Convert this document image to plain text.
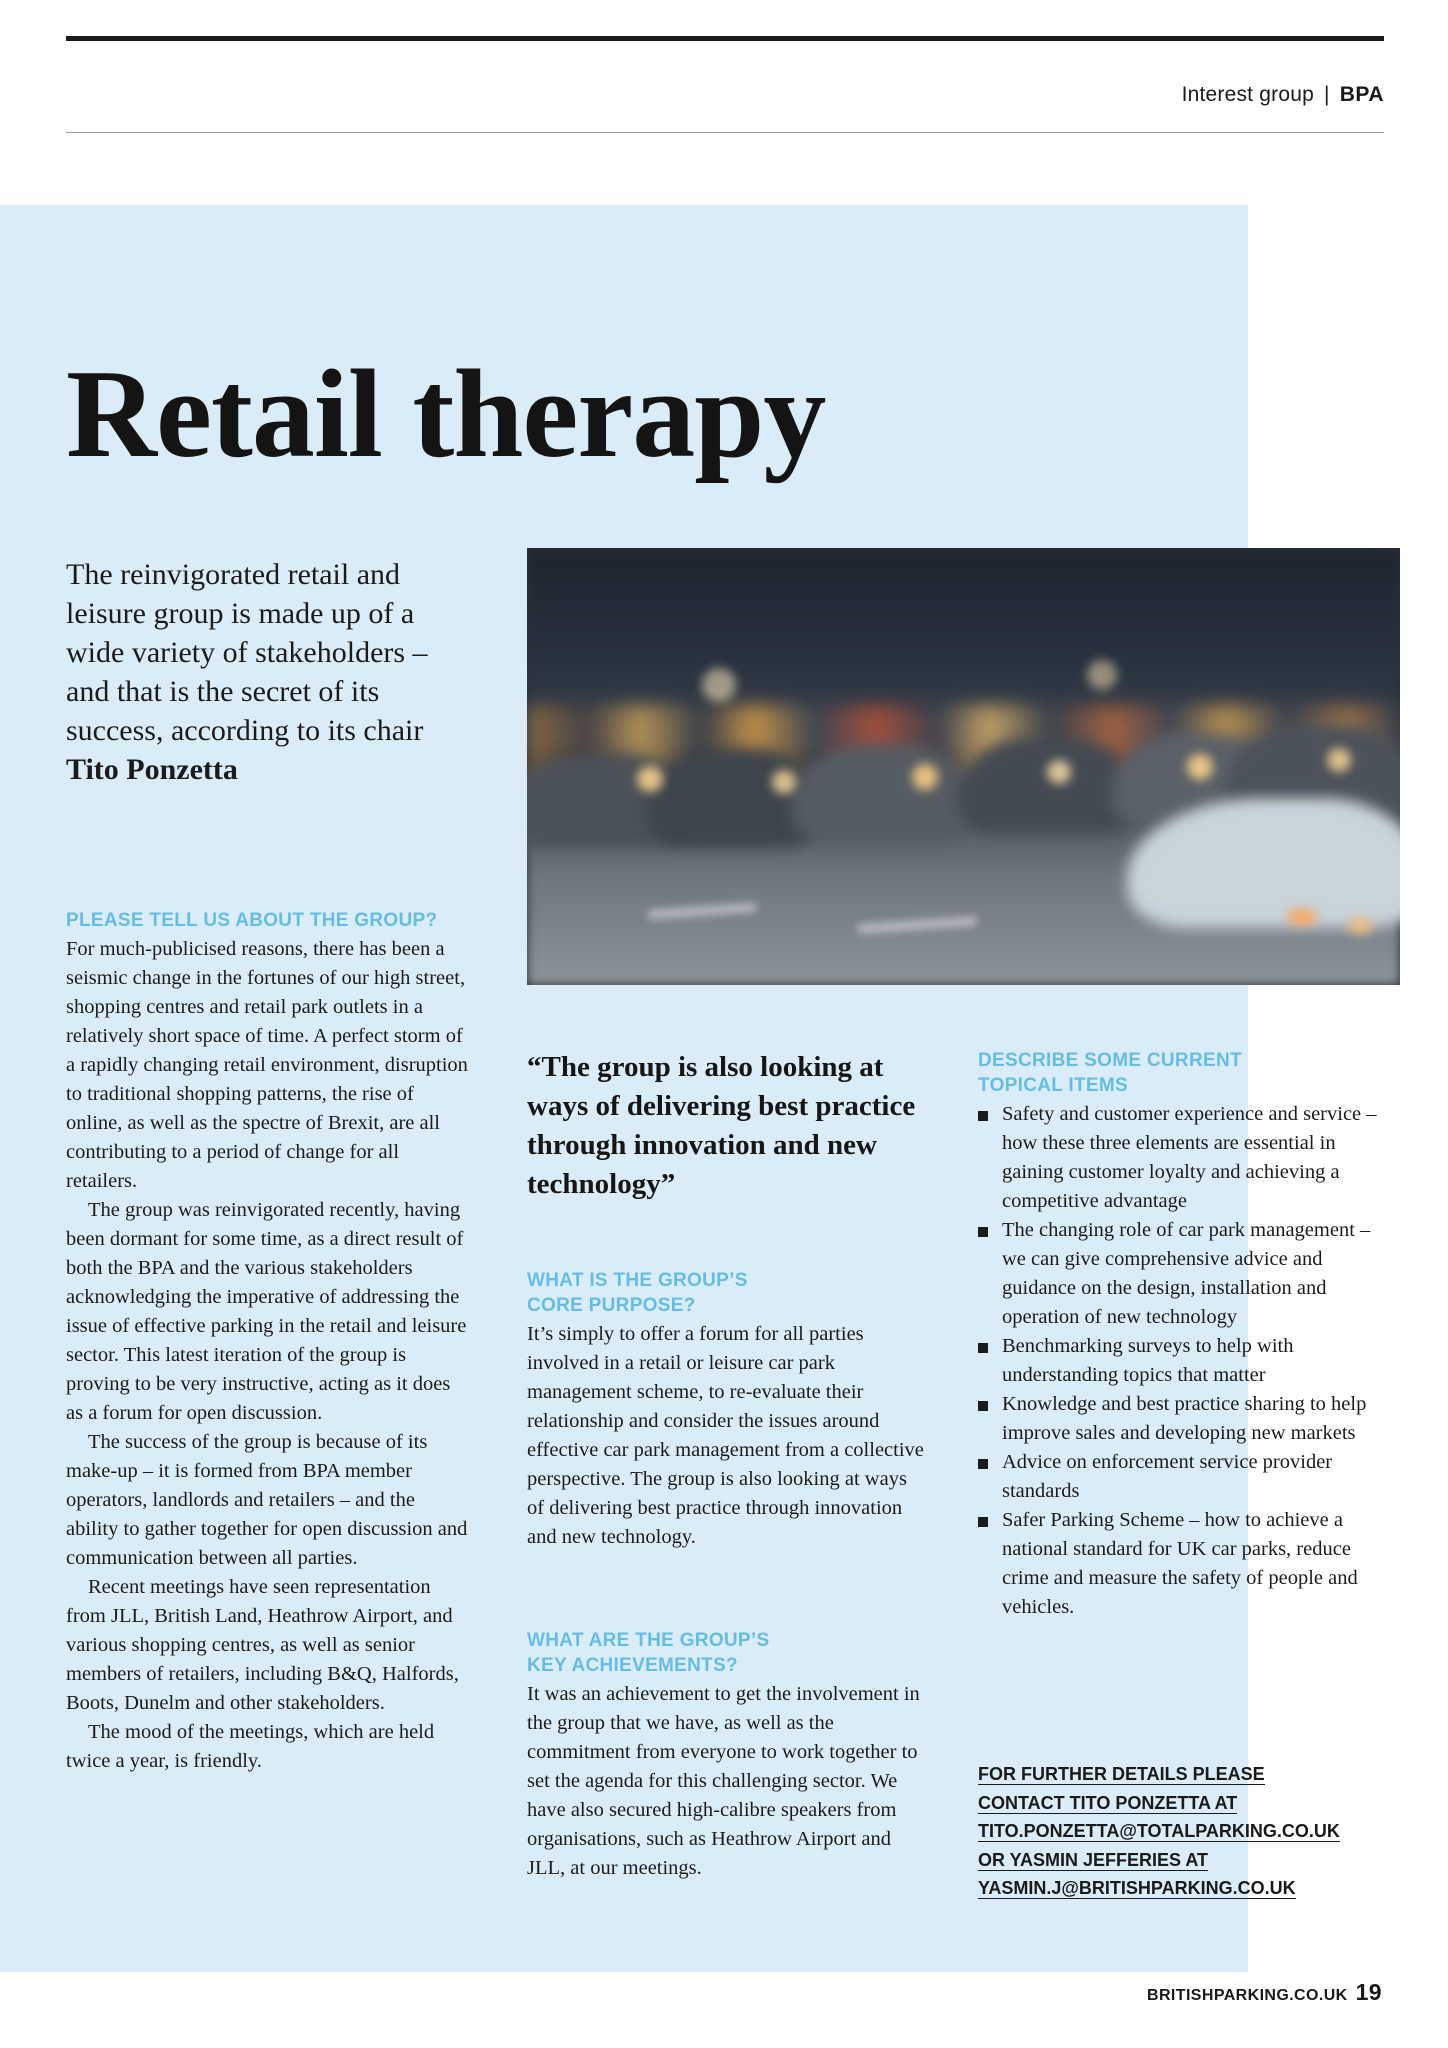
Interest group | BPA
Retail therapy
The reinvigorated retail and leisure group is made up of a wide variety of stakeholders – and that is the secret of its success, according to its chair
Tito Ponzetta
PLEASE TELL US ABOUT THE GROUP?

For much-publicised reasons, there has been a seismic change in the fortunes of our high street, shopping centres and retail park outlets in a relatively short space of time. A perfect storm of a rapidly changing retail environment, disruption to traditional shopping patterns, the rise of online, as well as the spectre of Brexit, are all contributing to a period of change for all retailers.

The group was reinvigorated recently, having been dormant for some time, as a direct result of both the BPA and the various stakeholders acknowledging the imperative of addressing the issue of effective parking in the retail and leisure sector. This latest iteration of the group is proving to be very instructive, acting as it does as a forum for open discussion.

The success of the group is because of its make-up – it is formed from BPA member operators, landlords and retailers – and the ability to gather together for open discussion and communication between all parties.

Recent meetings have seen representation from JLL, British Land, Heathrow Airport, and various shopping centres, as well as senior members of retailers, including B&Q, Halfords, Boots, Dunelm and other stakeholders.

The mood of the meetings, which are held twice a year, is friendly.

“The group is also looking at ways of delivering best practice through innovation and new technology”
WHAT IS THE GROUP’S
CORE PURPOSE?

It’s simply to offer a forum for all parties involved in a retail or leisure car park management scheme, to re-evaluate their relationship and consider the issues around effective car park management from a collective perspective. The group is also looking at ways of delivering best practice through innovation and new technology.

WHAT ARE THE GROUP’S
KEY ACHIEVEMENTS?

It was an achievement to get the involvement in the group that we have, as well as the commitment from everyone to work together to set the agenda for this challenging sector. We have also secured high-calibre speakers from organisations, such as Heathrow Airport and JLL, at our meetings.

DESCRIBE SOME CURRENT
TOPICAL ITEMS
Safety and customer experience and service – how these three elements are essential in gaining customer loyalty and achieving a competitive advantage
The changing role of car park management – we can give comprehensive advice and guidance on the design, installation and operation of new technology
Benchmarking surveys to help with understanding topics that matter
Knowledge and best practice sharing to help improve sales and developing new markets
Advice on enforcement service provider standards
Safer Parking Scheme – how to achieve a national standard for UK car parks, reduce crime and measure the safety of people and vehicles.
FOR FURTHER DETAILS PLEASE
CONTACT TITO PONZETTA AT
TITO.PONZETTA@TOTALPARKING.CO.UK
OR YASMIN JEFFERIES AT
YASMIN.J@BRITISHPARKING.CO.UK
BRITISHPARKING.CO.UK 19
